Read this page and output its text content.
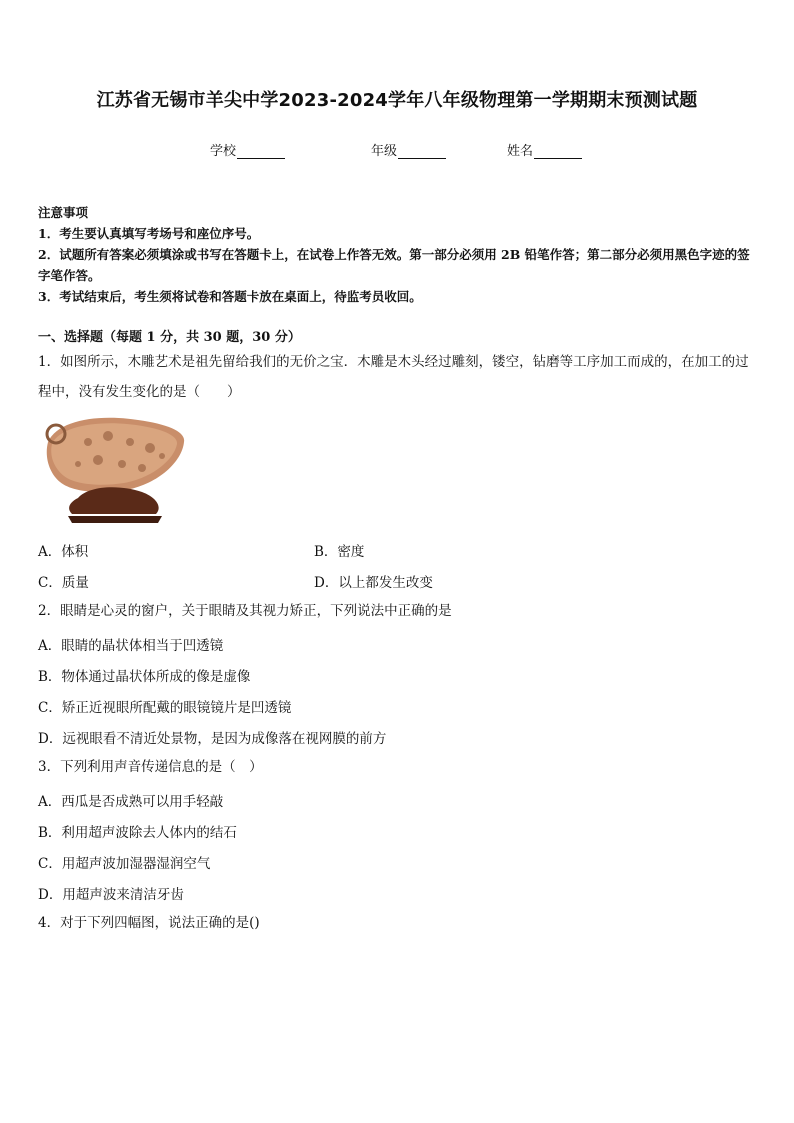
江苏省无锡市羊尖中学2023-2024学年八年级物理第一学期期末预测试题
学校	年级	姓名
注意事项
1．考生要认真填写考场号和座位序号。
2．试题所有答案必须填涂或书写在答题卡上，在试卷上作答无效。第一部分必须用 2B 铅笔作答；第二部分必须用黑色字迹的签字笔作答。
3．考试结束后，考生须将试卷和答题卡放在桌面上，待监考员收回。
一、选择题（每题 1 分，共 30 题，30 分）
1．如图所示，木雕艺术是祖先留给我们的无价之宝．木雕是木头经过雕刻，镂空，钻磨等工序加工而成的，在加工的过程中，没有发生变化的是（　　）
A．体积	B．密度
C．质量	D．以上都发生改变
2．眼睛是心灵的窗户，关于眼睛及其视力矫正，下列说法中正确的是
A．眼睛的晶状体相当于凹透镜
B．物体通过晶状体所成的像是虚像
C．矫正近视眼所配戴的眼镜镜片是凹透镜
D．远视眼看不清近处景物，是因为成像落在视网膜的前方
3．下列利用声音传递信息的是（　）
A．西瓜是否成熟可以用手轻敲
B．利用超声波除去人体内的结石
C．用超声波加湿器湿润空气
D．用超声波来清洁牙齿
4．对于下列四幅图，说法正确的是()
